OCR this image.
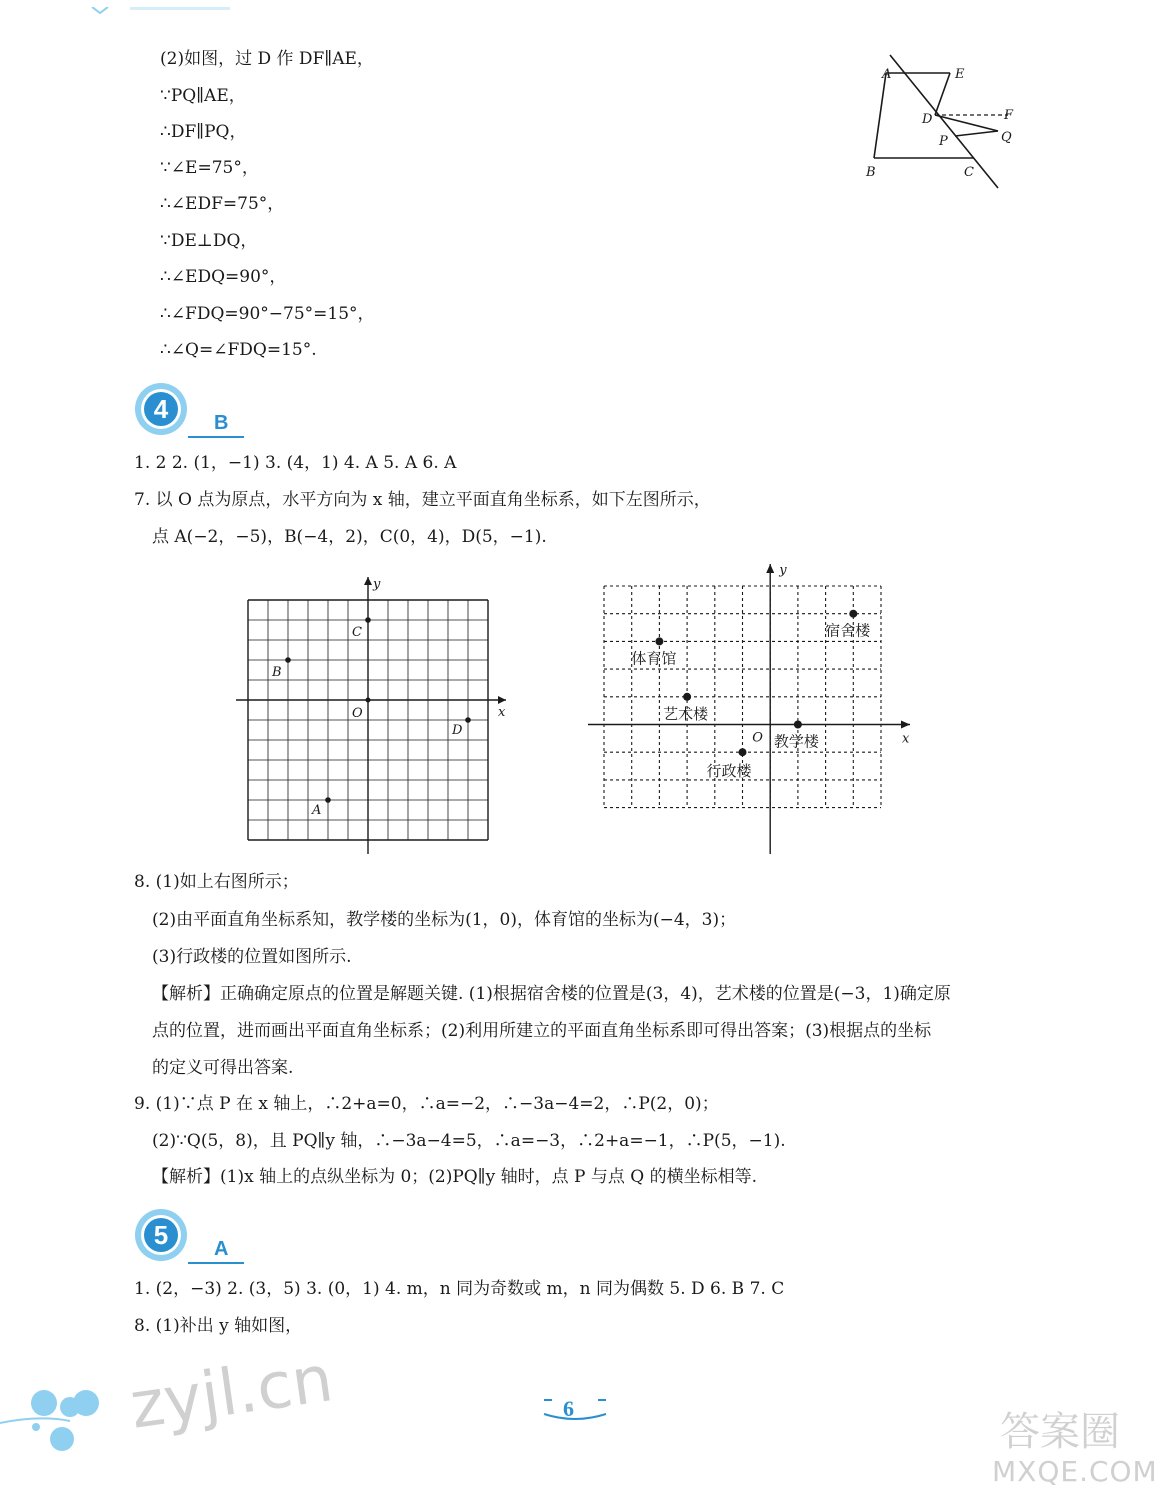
(2)如图，过 D 作 DF∥AE，
∵PQ∥AE，
∴DF∥PQ，
∵∠E=75°，
∴∠EDF=75°，
∵DE⊥DQ，
∴∠EDQ=90°，
∴∠FDQ=90°−75°=15°，
∴∠Q=∠FDQ=15°.
A	E
F
D
Q
P
B	C
4 B
1. 2 2. (1，−1) 3. (4，1) 4. A 5. A 6. A
7. 以 O 点为原点，水平方向为 x 轴，建立平面直角坐标系，如下左图所示，
点 A(−2，−5)，B(−4，2)，C(0，4)，D(5，−1).
x
y
O
A
B
C
D
x
y
O
宿舍楼
体育馆
艺术楼
教学楼
行政楼
8. (1)如上右图所示；
(2)由平面直角坐标系知，教学楼的坐标为(1，0)，体育馆的坐标为(−4，3)；
(3)行政楼的位置如图所示.
【解析】正确确定原点的位置是解题关键. (1)根据宿舍楼的位置是(3，4)，艺术楼的位置是(−3，1)确定原
点的位置，进而画出平面直角坐标系；(2)利用所建立的平面直角坐标系即可得出答案；(3)根据点的坐标
的定义可得出答案.
9. (1)∵点 P 在 x 轴上，∴2+a=0，∴a=−2，∴−3a−4=2，∴P(2，0)；
(2)∵Q(5，8)，且 PQ∥y 轴，∴−3a−4=5，∴a=−3，∴2+a=−1，∴P(5，−1).
【解析】(1)x 轴上的点纵坐标为 0；(2)PQ∥y 轴时，点 P 与点 Q 的横坐标相等.
5 A
1. (2，−3) 2. (3，5) 3. (0，1) 4. m，n 同为奇数或 m，n 同为偶数 5. D 6. B 7. C
8. (1)补出 y 轴如图，
zyjl.cn	6
答案圈
MXQE.COM
